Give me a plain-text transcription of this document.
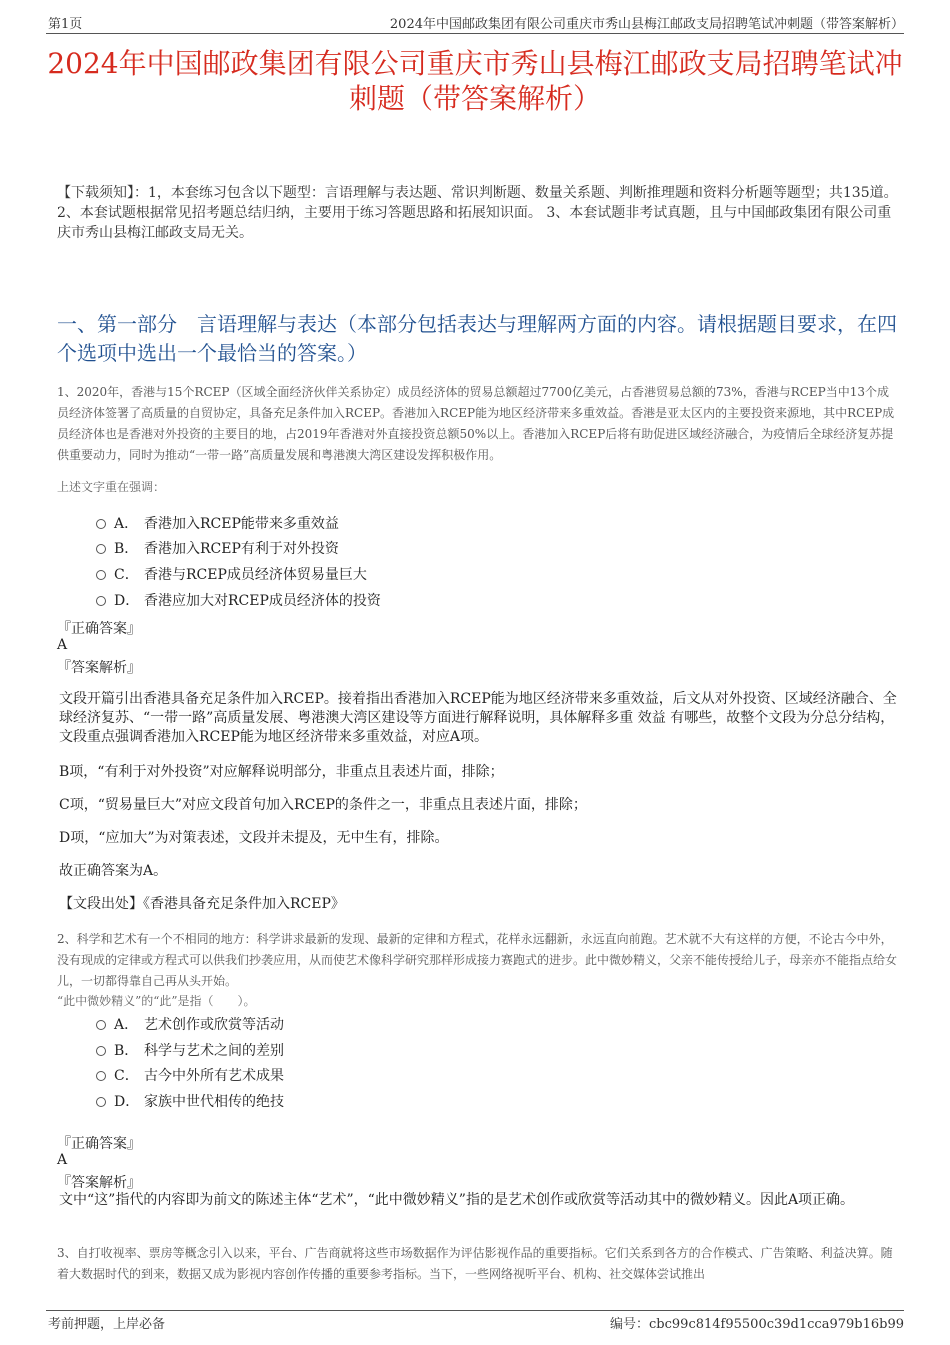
第1页	2024年中国邮政集团有限公司重庆市秀山县梅江邮政支局招聘笔试冲刺题（带答案解析）
2024年中国邮政集团有限公司重庆市秀山县梅江邮政支局招聘笔试冲刺题（带答案解析）
【下载须知】：1，本套练习包含以下题型：言语理解与表达题、常识判断题、数量关系题、判断推理题和资料分析题等题型；共135道。 2、本套试题根据常见招考题总结归纳，主要用于练习答题思路和拓展知识面。 3、本套试题非考试真题，且与中国邮政集团有限公司重庆市秀山县梅江邮政支局无关。
一、第一部分　言语理解与表达（本部分包括表达与理解两方面的内容。请根据题目要求，在四个选项中选出一个最恰当的答案。）
1、2020年，香港与15个RCEP（区域全面经济伙伴关系协定）成员经济体的贸易总额超过7700亿美元，占香港贸易总额的73%，香港与RCEP当中13个成员经济体签署了高质量的自贸协定，具备充足条件加入RCEP。香港加入RCEP能为地区经济带来多重效益。香港是亚太区内的主要投资来源地，其中RCEP成员经济体也是香港对外投资的主要目的地，占2019年香港对外直接投资总额50%以上。香港加入RCEP后将有助促进区域经济融合，为疫情后全球经济复苏提供重要动力，同时为推动“一带一路”高质量发展和粤港澳大湾区建设发挥积极作用。
上述文字重在强调：
A． 香港加入RCEP能带来多重效益
B． 香港加入RCEP有利于对外投资
C． 香港与RCEP成员经济体贸易量巨大
D． 香港应加大对RCEP成员经济体的投资
『正确答案』
A
『答案解析』
文段开篇引出香港具备充足条件加入RCEP。接着指出香港加入RCEP能为地区经济带来多重效益，后文从对外投资、区域经济融合、全球经济复苏、“一带一路”高质量发展、粤港澳大湾区建设等方面进行解释说明，具体解释多重 效益 有哪些，故整个文段为分总分结构，文段重点强调香港加入RCEP能为地区经济带来多重效益，对应A项。
B项，“有利于对外投资”对应解释说明部分，非重点且表述片面，排除；
C项，“贸易量巨大”对应文段首句加入RCEP的条件之一，非重点且表述片面，排除；
D项，“应加大”为对策表述，文段并未提及，无中生有，排除。
故正确答案为A。
【文段出处】《香港具备充足条件加入RCEP》
2、科学和艺术有一个不相同的地方：科学讲求最新的发现、最新的定律和方程式，花样永远翻新，永远直向前跑。艺术就不大有这样的方便，不论古今中外，没有现成的定律或方程式可以供我们抄袭应用，从而使艺术像科学研究那样形成接力赛跑式的进步。此中微妙精义，父亲不能传授给儿子，母亲亦不能指点给女儿，一切都得靠自己再从头开始。
“此中微妙精义”的“此”是指（　　）。
A． 艺术创作或欣赏等活动
B． 科学与艺术之间的差别
C． 古今中外所有艺术成果
D． 家族中世代相传的绝技
『正确答案』
A
『答案解析』
文中“这”指代的内容即为前文的陈述主体“艺术”，“此中微妙精义”指的是艺术创作或欣赏等活动其中的微妙精义。因此A项正确。
3、自打收视率、票房等概念引入以来，平台、广告商就将这些市场数据作为评估影视作品的重要指标。它们关系到各方的合作模式、广告策略、利益决算。随着大数据时代的到来，数据又成为影视内容创作传播的重要参考指标。当下，一些网络视听平台、机构、社交媒体尝试推出
考前押题，上岸必备	编号：cbc99c814f95500c39d1cca979b16b99
